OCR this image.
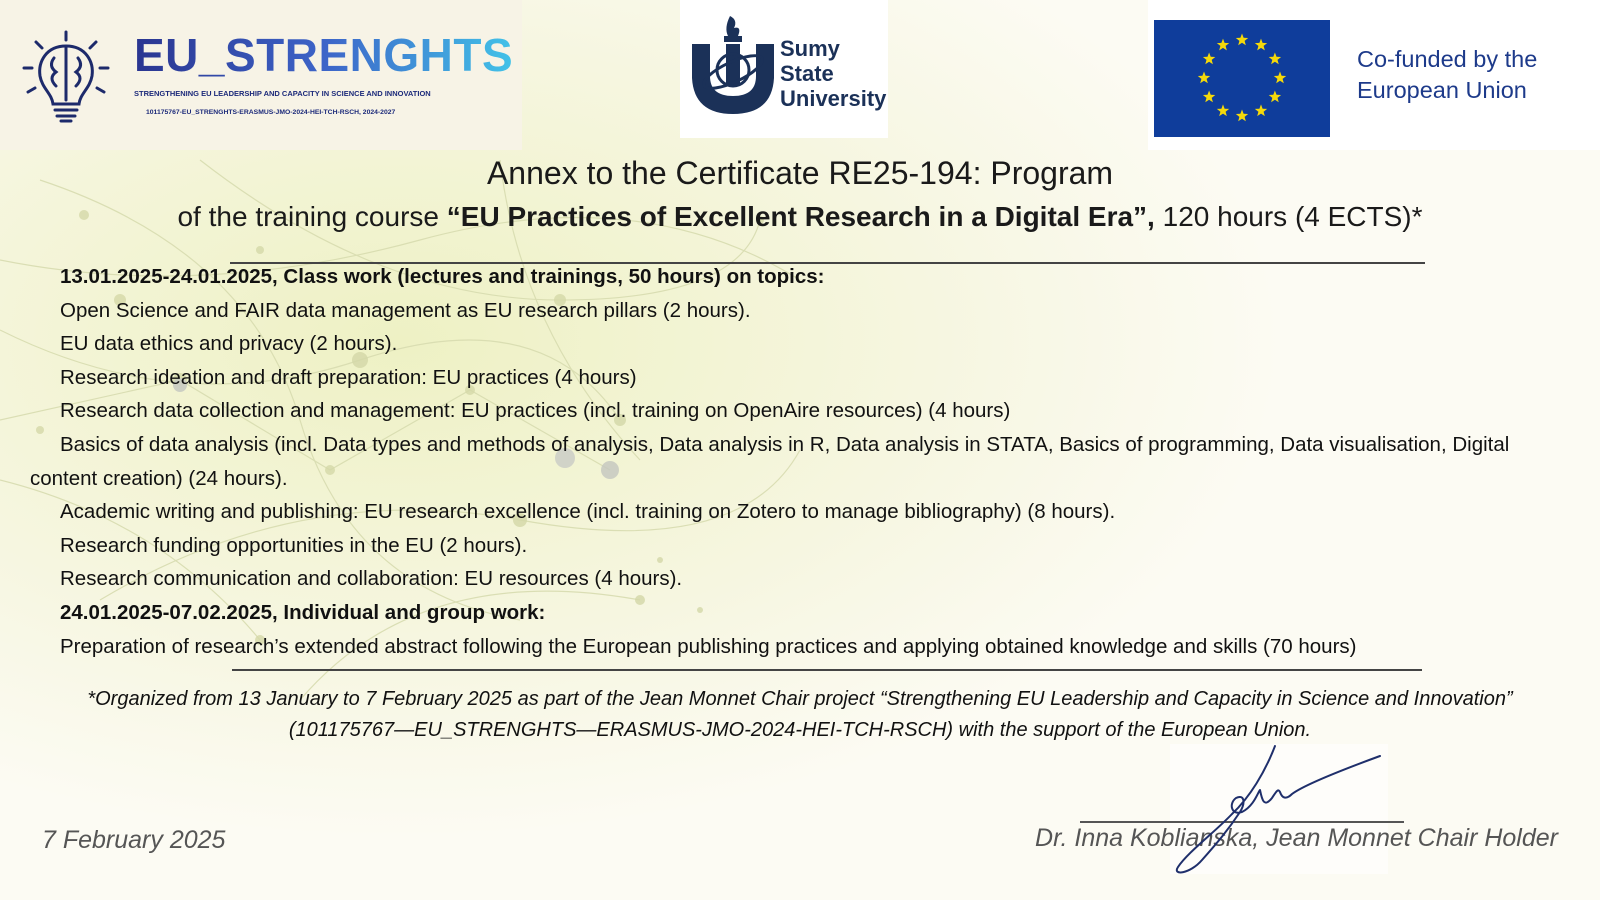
EU_STRENGHTS
STRENGTHENING EU LEADERSHIP AND CAPACITY IN SCIENCE AND INNOVATION
101175767-EU_STRENGHTS-ERASMUS-JMO-2024-HEI-TCH-RSCH, 2024-2027
Sumy
State
University
Co-funded by the
European Union
Annex to the Certificate RE25-194: Program
of the training course “EU Practices of Excellent Research in a Digital Era”, 120 hours (4 ECTS)*
13.01.2025-24.01.2025, Class work (lectures and trainings, 50 hours) on topics:
Open Science and FAIR data management as EU research pillars (2 hours).
EU data ethics and privacy (2 hours).
Research ideation and draft preparation: EU practices (4 hours)
Research data collection and management: EU practices (incl. training on OpenAire resources) (4 hours)
Basics of data analysis (incl. Data types and methods of analysis, Data analysis in R, Data analysis in STATA, Basics of programming, Data visualisation, Digital content creation) (24 hours).
Academic writing and publishing: EU research excellence (incl. training on Zotero to manage bibliography) (8 hours).
Research funding opportunities in the EU (2 hours).
Research communication and collaboration: EU resources (4 hours).
24.01.2025-07.02.2025, Individual and group work:
Preparation of research’s extended abstract following the European publishing practices and applying obtained knowledge and skills (70 hours)
*Organized from 13 January to 7 February 2025 as part of the Jean Monnet Chair project “Strengthening EU Leadership and Capacity in Science and Innovation” (101175767—EU_STRENGHTS—ERASMUS-JMO-2024-HEI-TCH-RSCH) with the support of the European Union.
7 February 2025	Dr. Inna Koblianska, Jean Monnet Chair Holder
